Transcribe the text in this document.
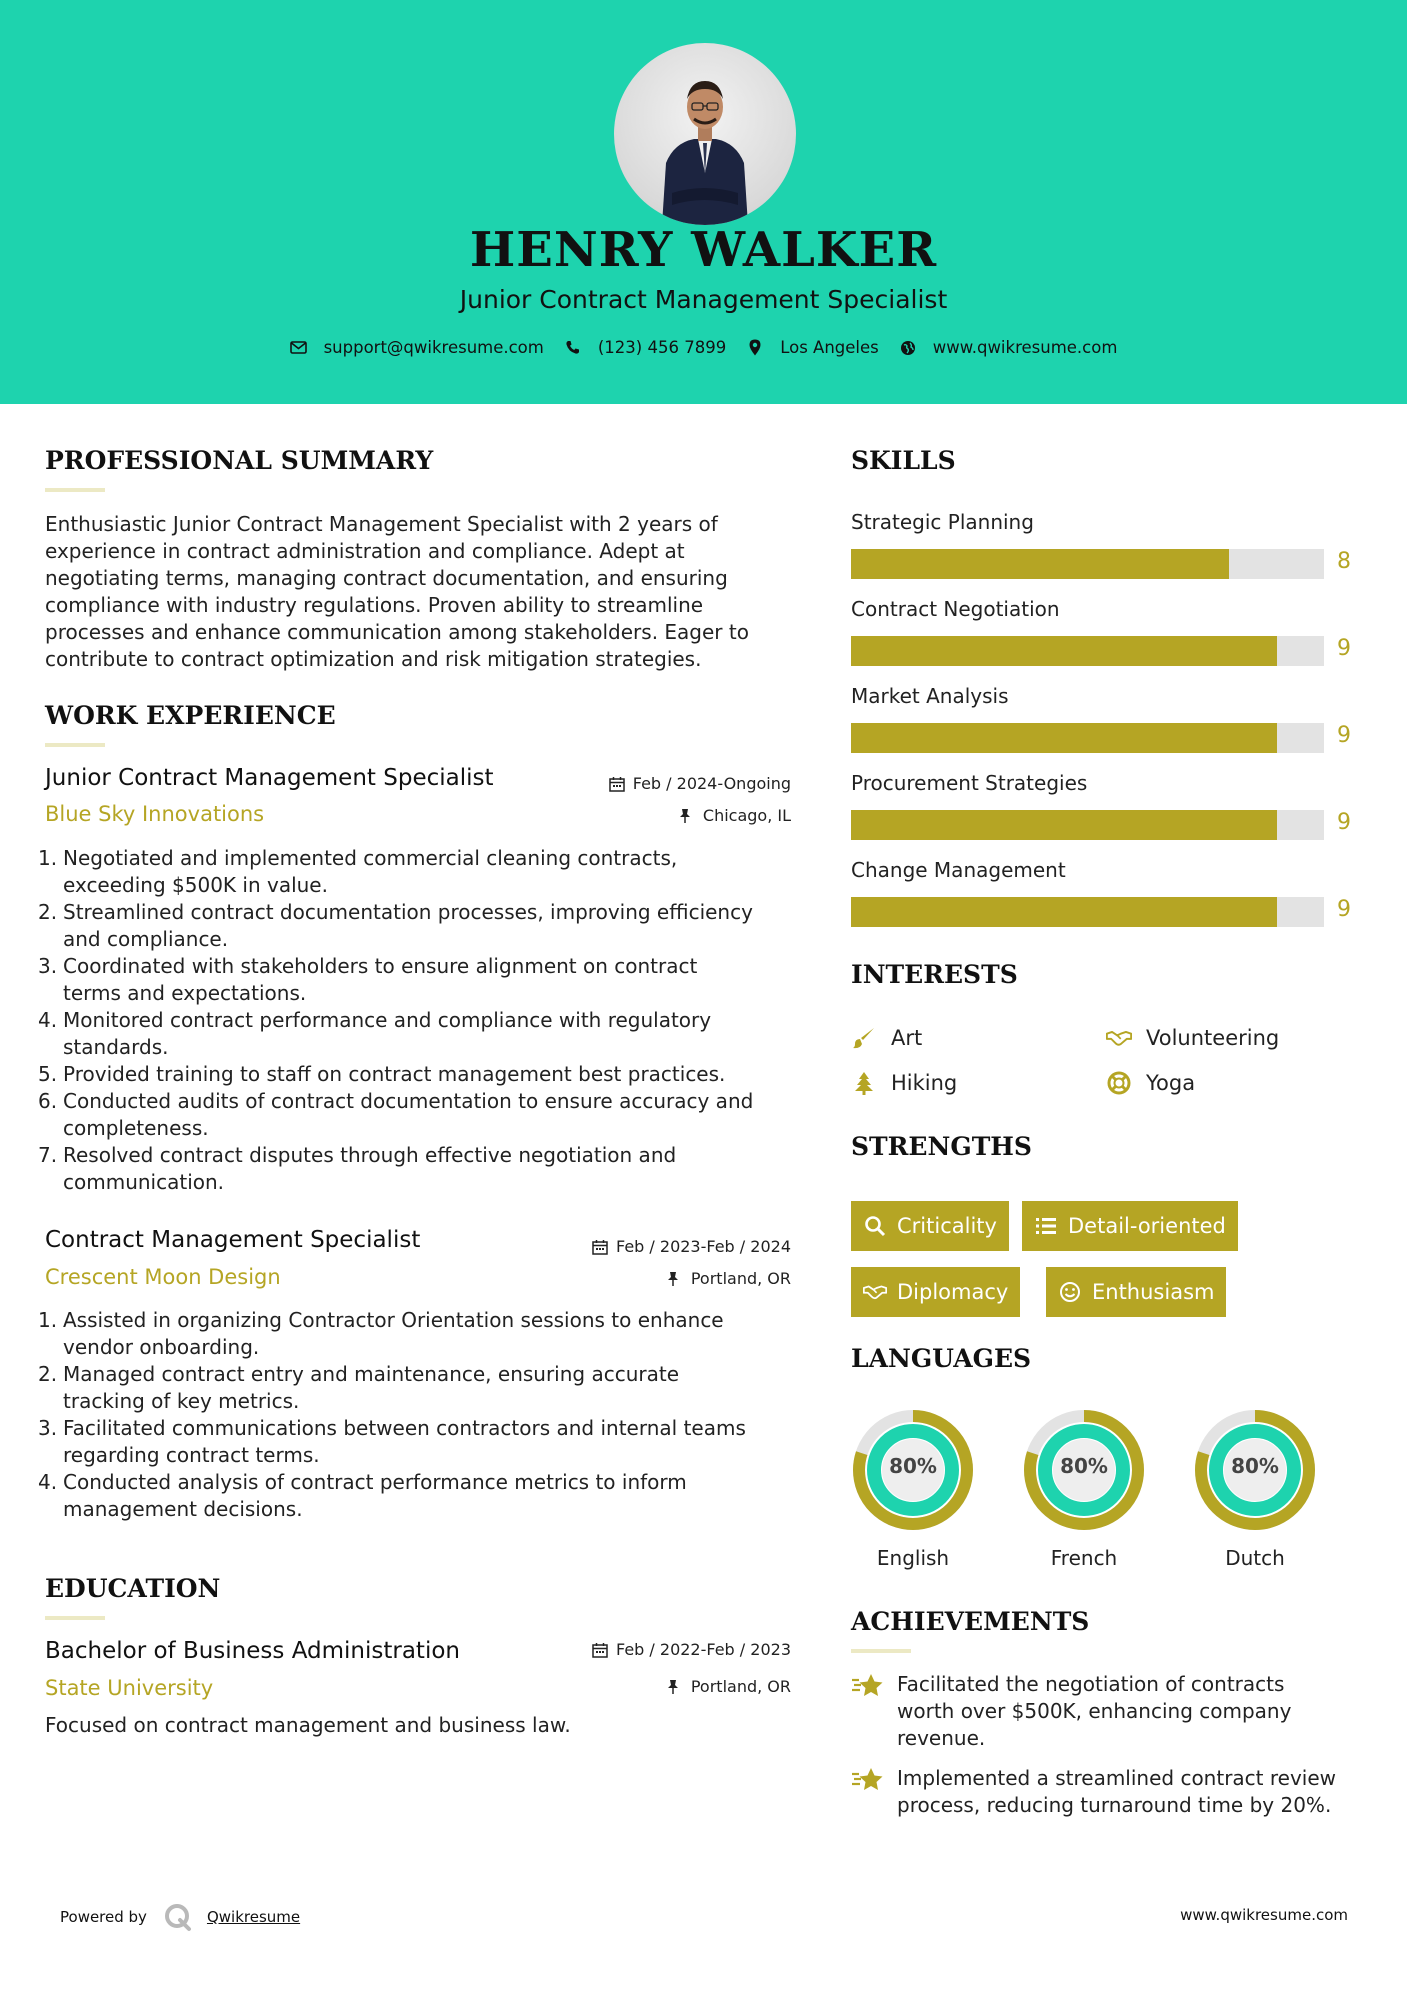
HENRY WALKER
Junior Contract Management Specialist
support@qwikresume.com	(123) 456 7899	Los Angeles	www.qwikresume.com
PROFESSIONAL SUMMARY
Enthusiastic Junior Contract Management Specialist with 2 years of
experience in contract administration and compliance. Adept at
negotiating terms, managing contract documentation, and ensuring
compliance with industry regulations. Proven ability to streamline
processes and enhance communication among stakeholders. Eager to
contribute to contract optimization and risk mitigation strategies.
WORK EXPERIENCE
Junior Contract Management Specialist
Blue Sky Innovations
Feb / 2024-Ongoing
Chicago, IL
1. Negotiated and implemented commercial cleaning contracts,
exceeding $500K in value.
2. Streamlined contract documentation processes, improving efficiency
and compliance.
3. Coordinated with stakeholders to ensure alignment on contract
terms and expectations.
4. Monitored contract performance and compliance with regulatory
standards.
5. Provided training to staff on contract management best practices.
6. Conducted audits of contract documentation to ensure accuracy and
completeness.
7. Resolved contract disputes through effective negotiation and
communication.
Contract Management Specialist
Crescent Moon Design
Feb / 2023-Feb / 2024
Portland, OR
1. Assisted in organizing Contractor Orientation sessions to enhance
vendor onboarding.
2. Managed contract entry and maintenance, ensuring accurate
tracking of key metrics.
3. Facilitated communications between contractors and internal teams
regarding contract terms.
4. Conducted analysis of contract performance metrics to inform
management decisions.
EDUCATION
Bachelor of Business Administration
State University
Feb / 2022-Feb / 2023
Portland, OR
Focused on contract management and business law.
SKILLS
Strategic Planning
8
Contract Negotiation
9
Market Analysis
9
Procurement Strategies
9
Change Management
9
INTERESTS
Art	Volunteering
Hiking	Yoga
STRENGTHS
Criticality	Detail-oriented
Diplomacy	Enthusiasm
LANGUAGES
80%
English
80%
French
80%
Dutch
ACHIEVEMENTS
Facilitated the negotiation of contracts
worth over $500K, enhancing company
revenue.
Implemented a streamlined contract review
process, reducing turnaround time by 20%.
Powered by	Qwikresume	www.qwikresume.com
